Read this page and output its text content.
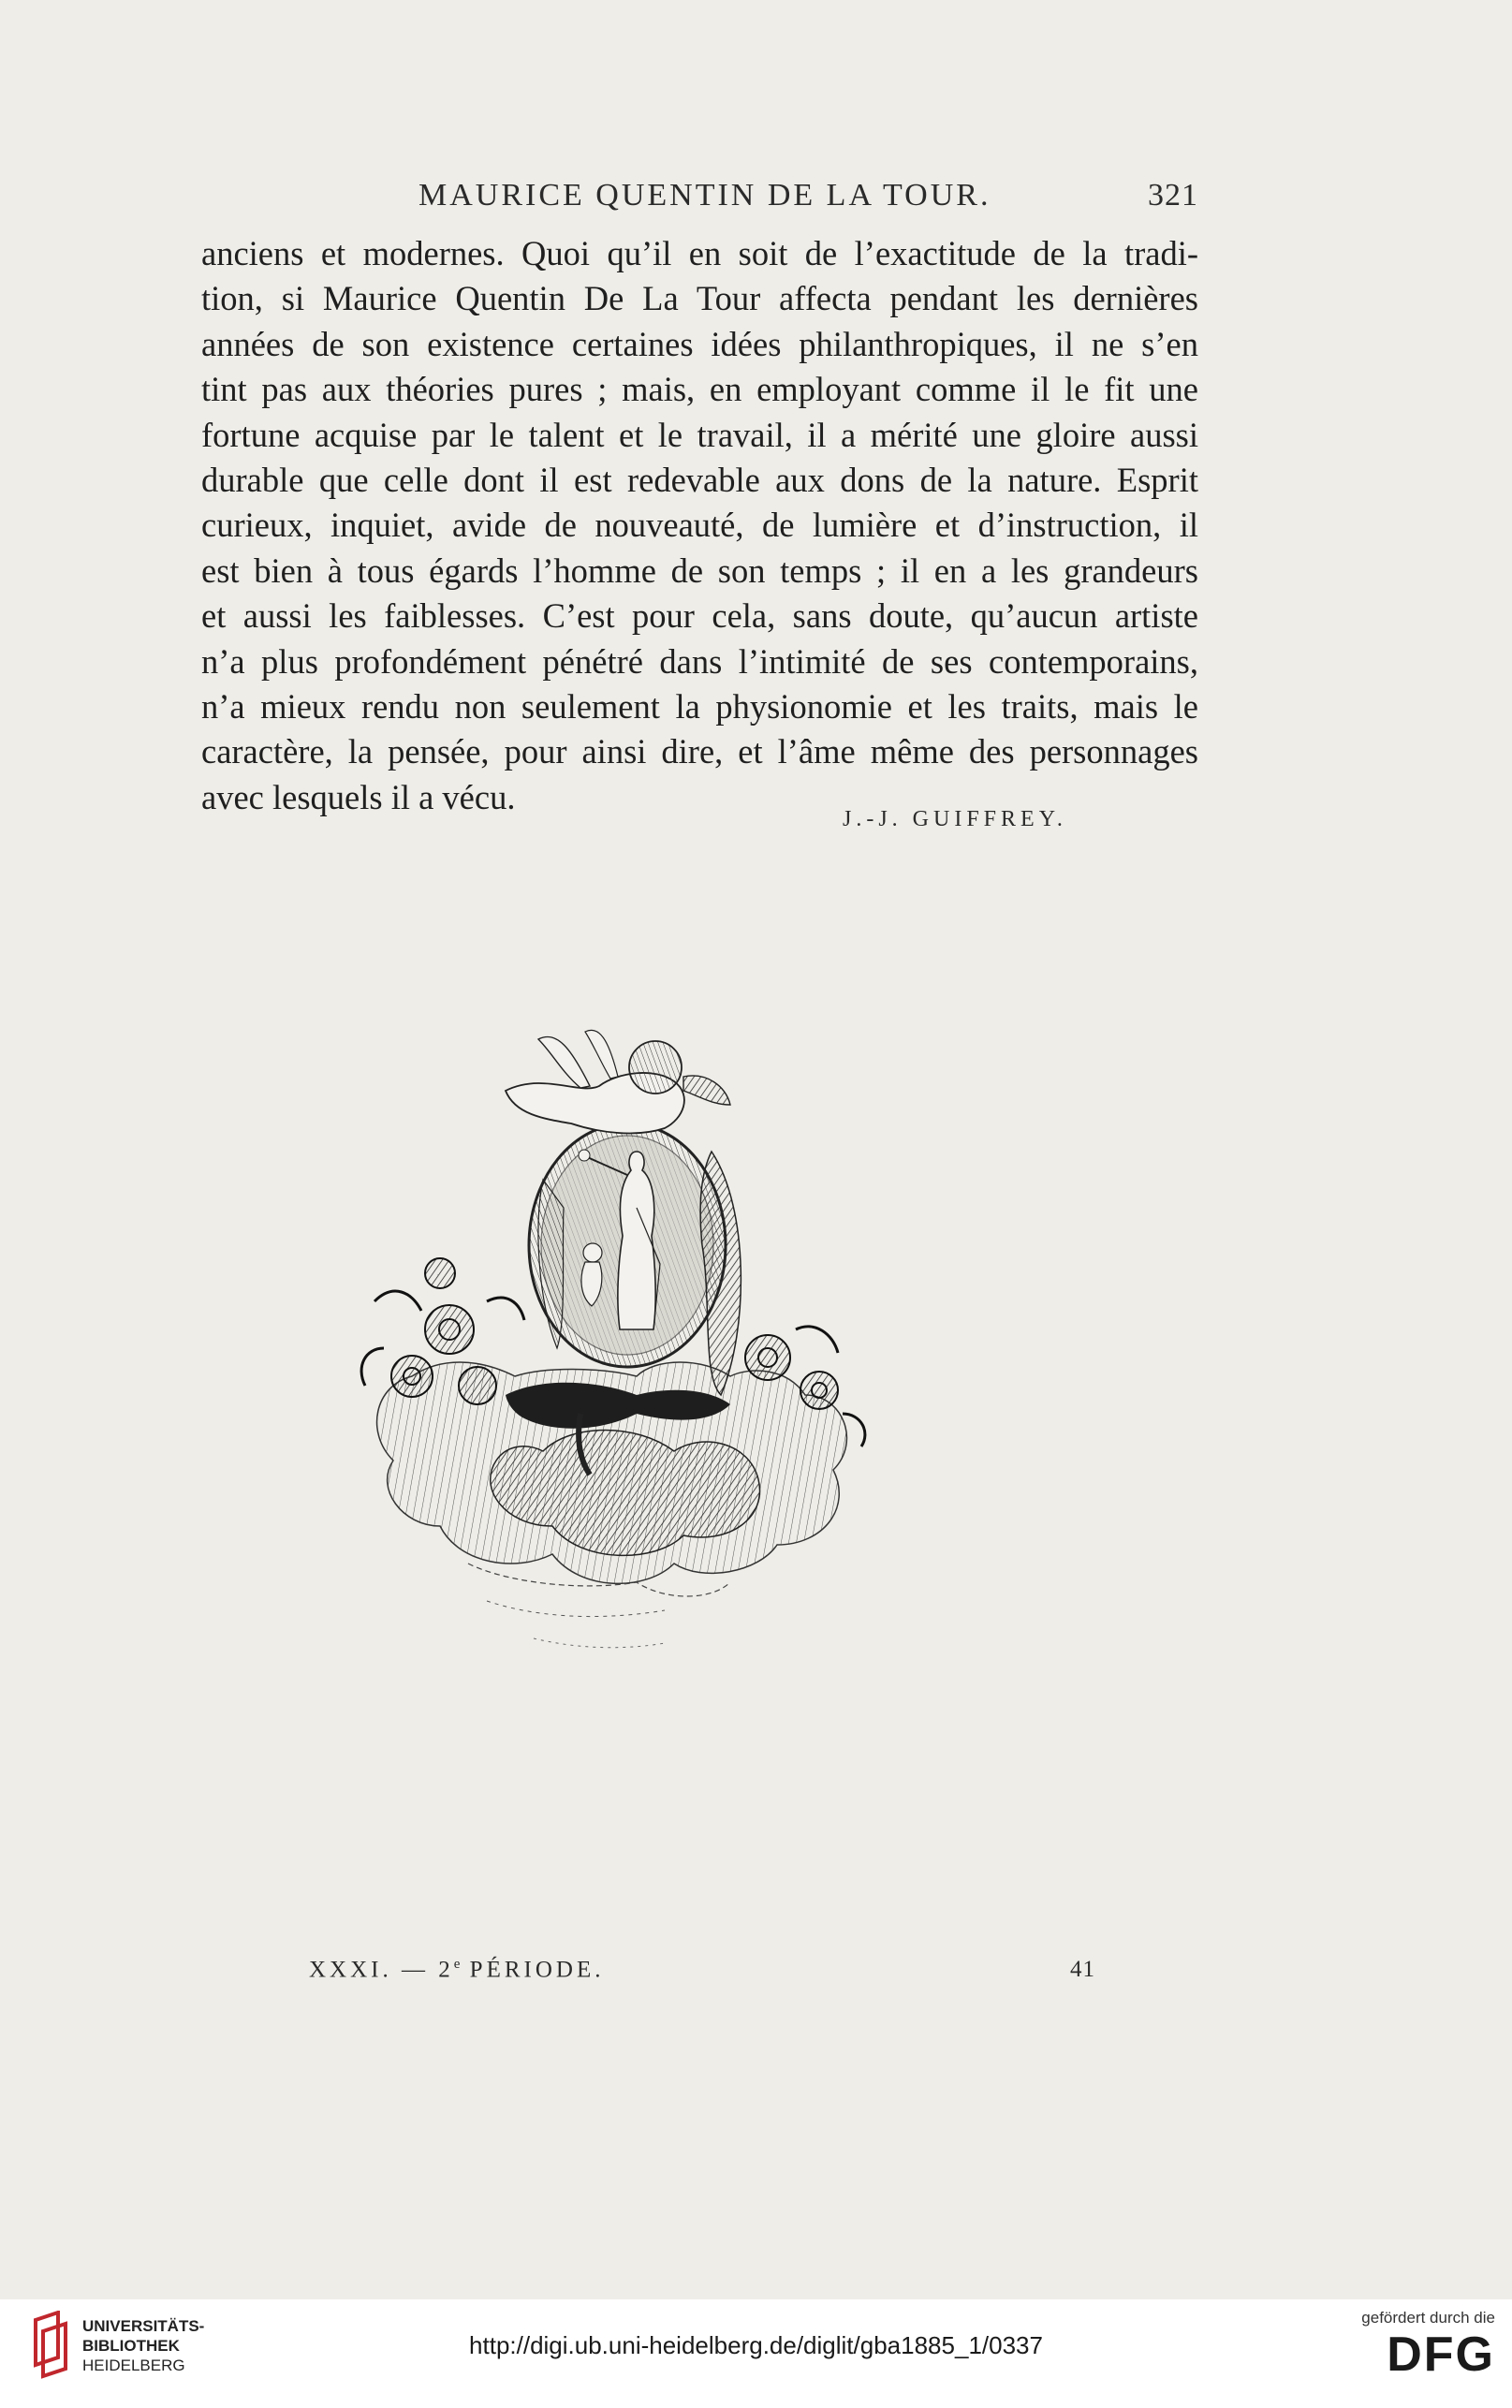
MAURICE QUENTIN DE LA TOUR.	321
anciens et modernes. Quoi qu’il en soit de l’exactitude de la tradi-
tion, si Maurice Quentin De La Tour affecta pendant les dernières
années de son existence certaines idées philanthropiques, il ne s’en
tint pas aux théories pures ; mais, en employant comme il le fit une
fortune acquise par le talent et le travail, il a mérité une gloire aussi
durable que celle dont il est redevable aux dons de la nature. Esprit
curieux, inquiet, avide de nouveauté, de lumière et d’instruction, il
est bien à tous égards l’homme de son temps ; il en a les grandeurs
et aussi les faiblesses. C’est pour cela, sans doute, qu’aucun artiste
n’a plus profondément pénétré dans l’intimité de ses contemporains,
n’a mieux rendu non seulement la physionomie et les traits, mais le
caractère, la pensée, pour ainsi dire, et l’âme même des personnages
avec lesquels il a vécu.
J.-J. GUIFFREY.
XXXI. — 2e PÉRIODE.	41
UNIVERSITÄTS-
BIBLIOTHEK
HEIDELBERG
http://digi.ub.uni-heidelberg.de/diglit/gba1885_1/0337
gefördert durch die
DFG
